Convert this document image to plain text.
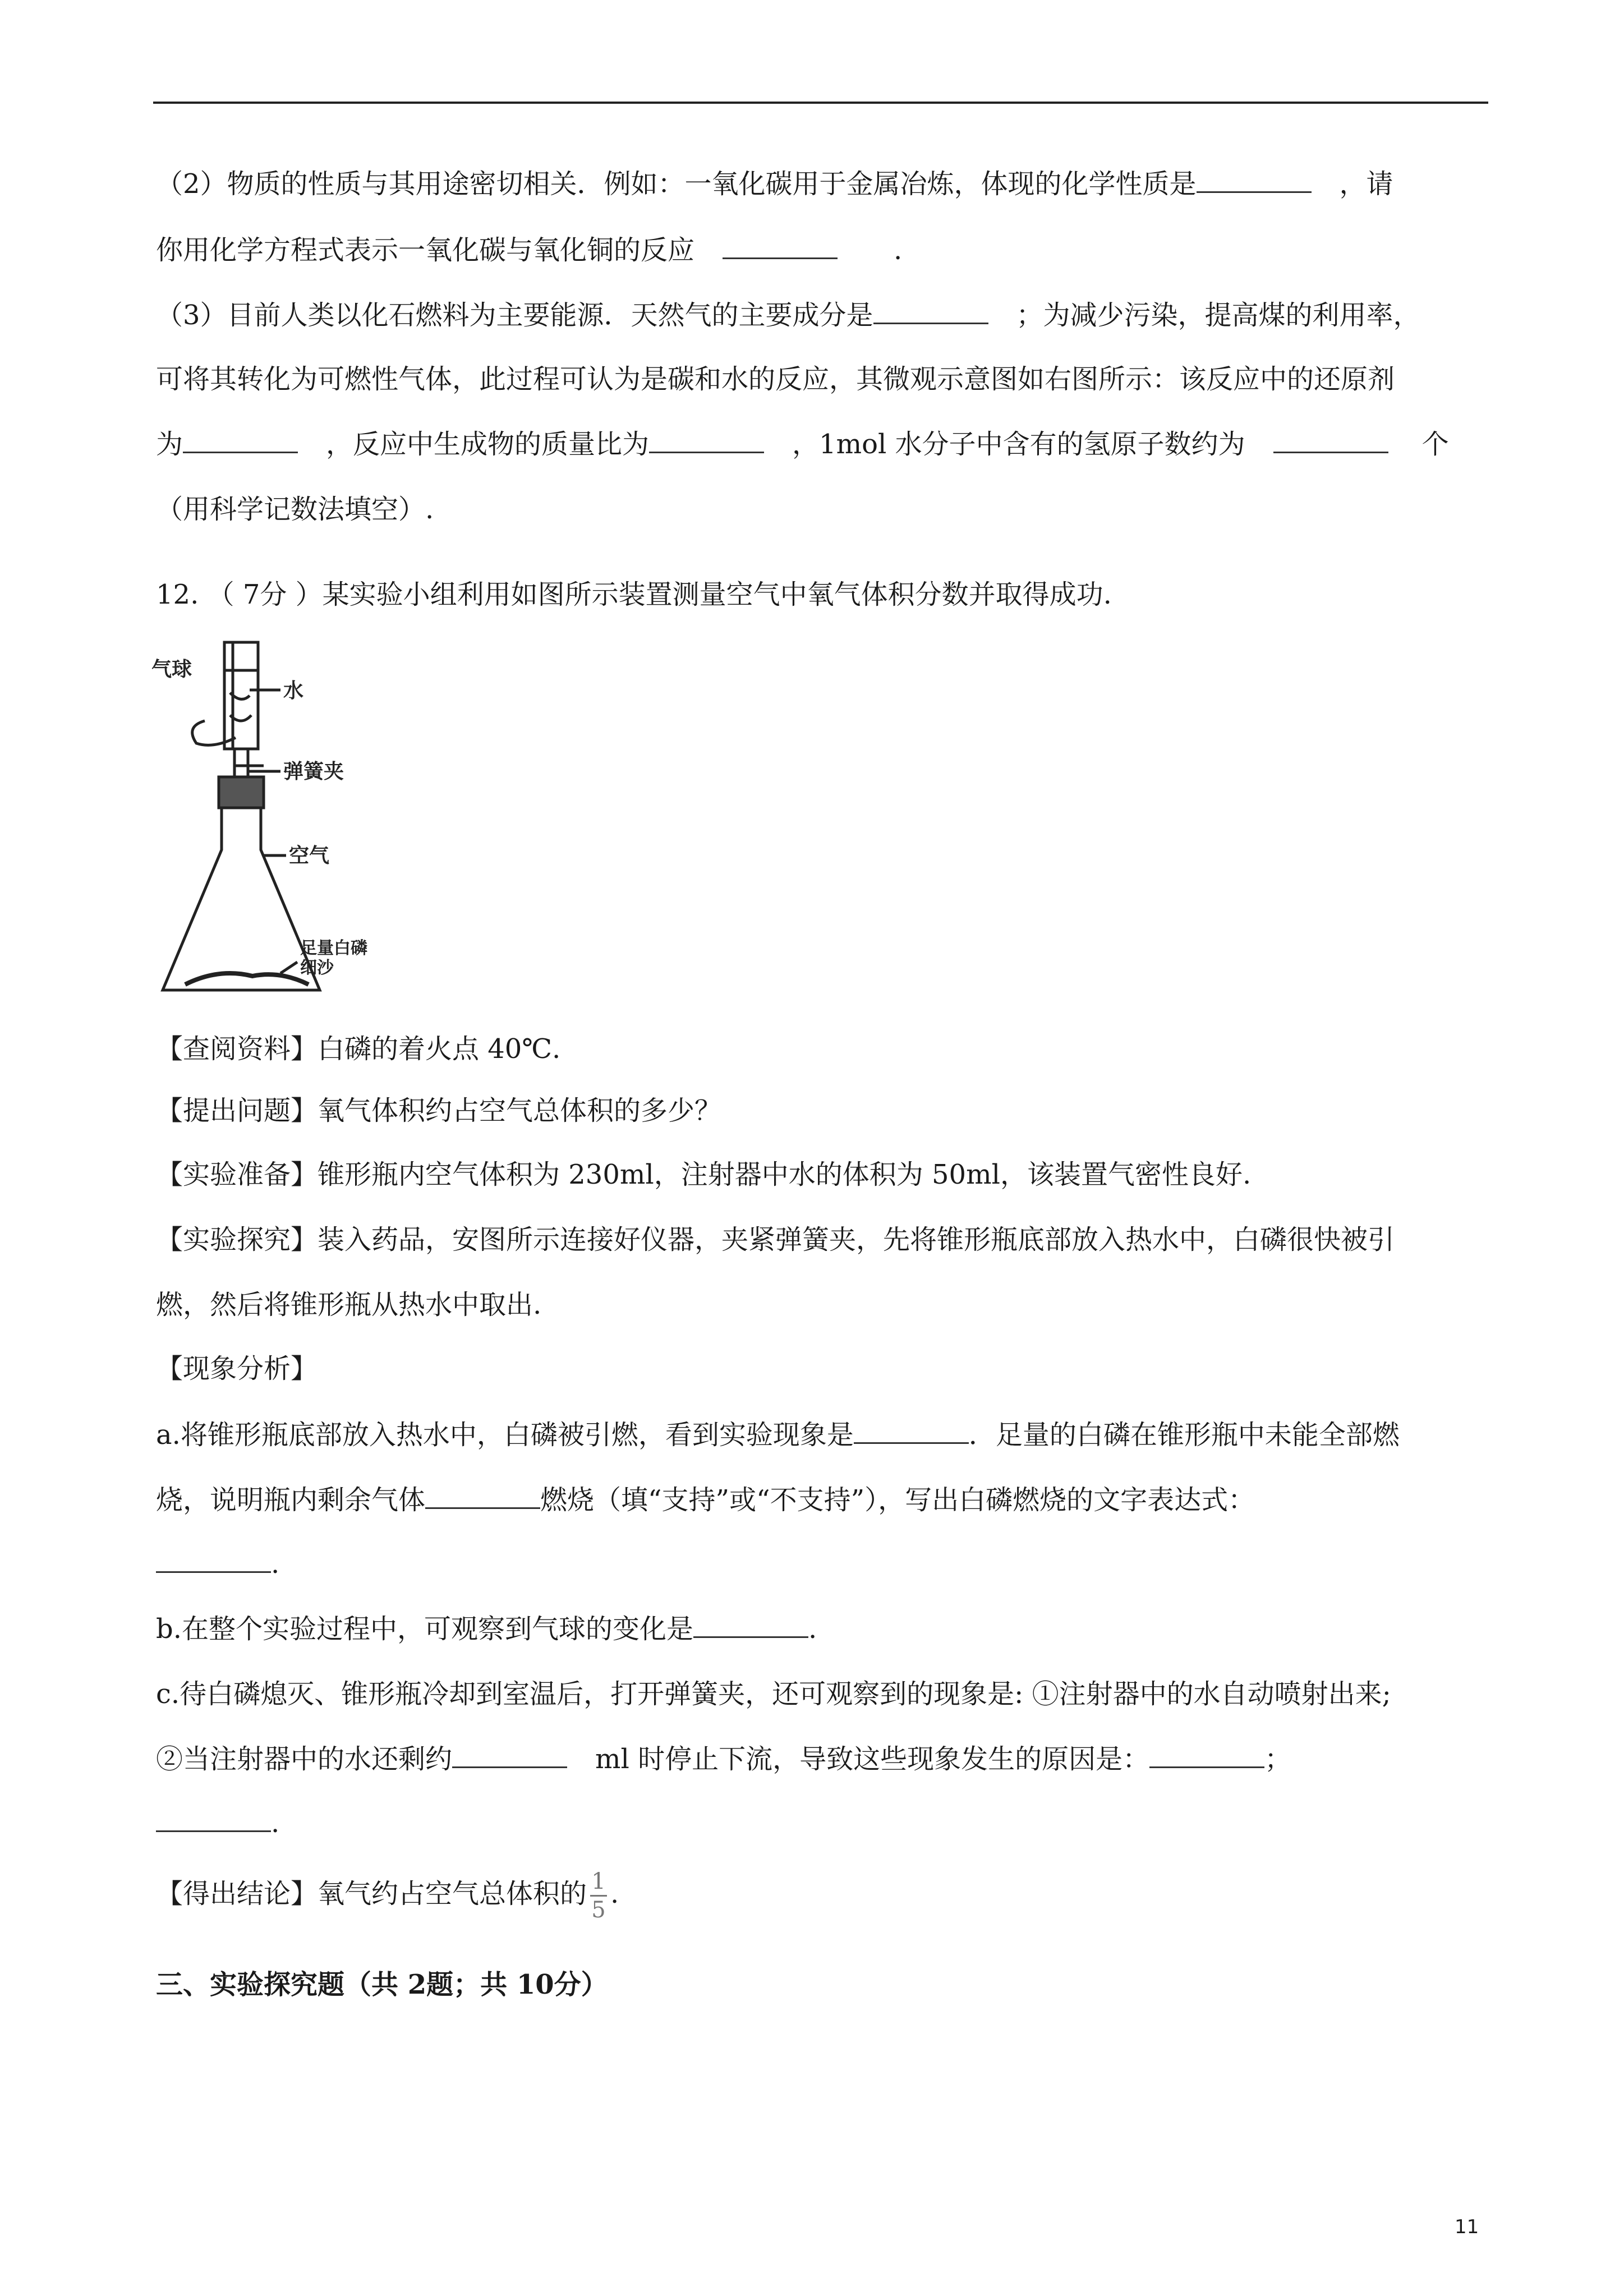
（2）物质的性质与其用途密切相关．例如：一氧化碳用于金属冶炼，体现的化学性质是	，请
你用化学方程式表示一氧化碳与氧化铜的反应	.
（3）目前人类以化石燃料为主要能源．天然气的主要成分是	；为减少污染，提高煤的利用率，
可将其转化为可燃性气体，此过程可认为是碳和水的反应，其微观示意图如右图所示：该反应中的还原剂
为	，反应中生成物的质量比为	，1mol 水分子中含有的氢原子数约为	个
（用科学记数法填空）.
12. （ 7分 ）某实验小组利用如图所示装置测量空气中氧气体积分数并取得成功.
气球
水
弹簧夹
空气
足量白磷
细沙
【查阅资料】白磷的着火点 40℃.
【提出问题】氧气体积约占空气总体积的多少？
【实验准备】锥形瓶内空气体积为 230ml，注射器中水的体积为 50ml，该装置气密性良好.
【实验探究】装入药品，安图所示连接好仪器，夹紧弹簧夹，先将锥形瓶底部放入热水中，白磷很快被引
燃，然后将锥形瓶从热水中取出.
【现象分析】
a.将锥形瓶底部放入热水中，白磷被引燃，看到实验现象是	．足量的白磷在锥形瓶中未能全部燃
烧，说明瓶内剩余气体	燃烧（填“支持”或“不支持”），写出白磷燃烧的文字表达式：
.
b.在整个实验过程中，可观察到气球的变化是	.
c.待白磷熄灭、锥形瓶冷却到室温后，打开弹簧夹，还可观察到的现象是: ①注射器中的水自动喷射出来;
②当注射器中的水还剩约	ml 时停止下流，导致这些现象发生的原因是：	；
.
【得出结论】氧气约占空气总体积的 $\frac{1}{5}$ .
三、实验探究题（共 2题；共 10分）
11
